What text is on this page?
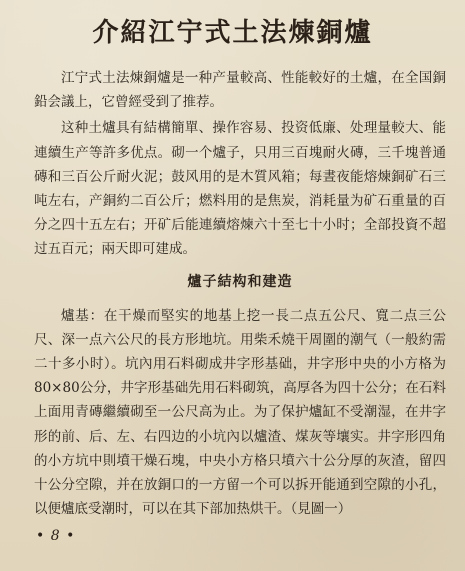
介紹江宁式土法煉銅爐

江宁式土法煉銅爐是一种产量較高、性能較好的土爐，在全国銅鉛会議上，它曾經受到了推荐。

这种土爐具有結構簡單、操作容易、投资低廉、处理量較大、能連續生产等許多优点。砌一个爐子，只用三百塊耐火磚，三千塊普通磚和三百公斤耐火泥；鼓风用的是木質风箱；每晝夜能熔煉銅矿石三吨左右，产銅約二百公斤；燃料用的是焦炭，消耗量为矿石重量的百分之四十五左右；开矿后能連續熔煉六十至七十小时；全部投資不超过五百元；兩天即可建成。

爐子結构和建造

爐基：在干燥而堅实的地基上挖一長二点五公尺、寬二点三公尺、深一点六公尺的長方形地坑。用柴禾燒干周圍的潮气（一般約需二十多小时）。坑內用石料砌成井字形基础，井字形中央的小方格为80×80公分，井字形基础先用石料砌筑，高厚各为四十公分；在石料上面用青磚繼續砌至一公尺高为止。为了保护爐缸不受潮湿，在井字形的前、后、左、右四边的小坑內以爐渣、煤灰等壤实。井字形四角的小方坑中則墳干燥石塊，中央小方格只墳六十公分厚的灰渣，留四十公分空隙，并在放銅口的一方留一个可以拆开能通到空隙的小孔，以便爐底受潮时，可以在其下部加热烘干。（見圖一）

• 8 •
